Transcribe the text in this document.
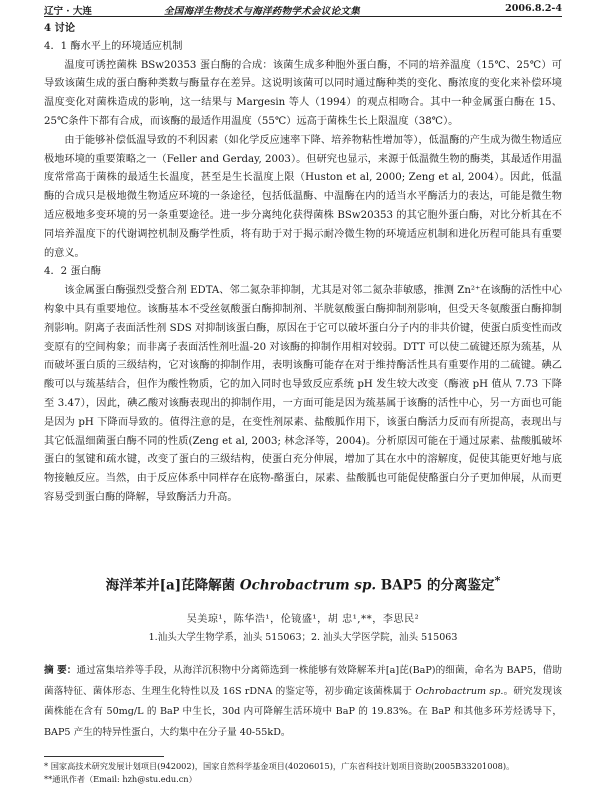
辽宁 · 大连	全国海洋生物技术与海洋药物学术会议论文集	2006.8.2-4

4 讨论

4．1 酶水平上的环境适应机制

温度可诱控菌株 BSw20353 蛋白酶的合成：该菌生成多种胞外蛋白酶，不同的培养温度（15℃、25℃）可导致该菌生成的蛋白酶种类数与酶量存在差异。这说明该菌可以同时通过酶种类的变化、酶浓度的变化来补偿环境温度变化对菌株造成的影响，这一结果与 Margesin 等人（1994）的观点相吻合。其中一种金属蛋白酶在 15、25℃条件下都有合成，而该酶的最适作用温度（55℃）远高于菌株生长上限温度（38℃）。

由于能够补偿低温导致的不利因素（如化学反应速率下降、培养物粘性增加等），低温酶的产生成为微生物适应极地环境的重要策略之一（Feller and Gerday, 2003）。但研究也显示，来源于低温微生物的酶类，其最适作用温度常常高于菌株的最适生长温度，甚至是生长温度上限（Huston et al, 2000; Zeng et al, 2004）。因此，低温酶的合成只是极地微生物适应环境的一条途径，包括低温酶、中温酶在内的适当水平酶活力的表达，可能是微生物适应极地多变环境的另一条重要途径。进一步分离纯化获得菌株 BSw20353 的其它胞外蛋白酶，对比分析其在不同培养温度下的代谢调控机制及酶学性质，将有助于对于揭示耐冷微生物的环境适应机制和进化历程可能具有重要的意义。

4．2 蛋白酶

该金属蛋白酶强烈受螯合剂 EDTA、邻二氮杂菲抑制，尤其是对邻二氮杂菲敏感，推测 Zn²⁺在该酶的活性中心构象中具有重要地位。该酶基本不受丝氨酸蛋白酶抑制剂、半胱氨酸蛋白酶抑制剂影响，但受天冬氨酸蛋白酶抑制剂影响。阴离子表面活性剂 SDS 对抑制该蛋白酶，原因在于它可以破坏蛋白分子内的非共价键，使蛋白质变性而改变原有的空间构象；而非离子表面活性剂吐温-20 对该酶的抑制作用相对较弱。DTT 可以使二硫键还原为巯基，从而破坏蛋白质的三级结构，它对该酶的抑制作用，表明该酶可能存在对于维持酶活性具有重要作用的二硫键。碘乙酸可以与巯基结合，但作为酸性物质，它的加入同时也导致反应系统 pH 发生较大改变（酶液 pH 值从 7.73 下降至 3.47），因此，碘乙酸对该酶表现出的抑制作用，一方面可能是因为巯基属于该酶的活性中心，另一方面也可能是因为 pH 下降而导致的。值得注意的是，在变性剂尿素、盐酸胍作用下，该蛋白酶活力反而有所提高，表现出与其它低温细菌蛋白酶不同的性质(Zeng et al, 2003; 林念泽等，2004)。分析原因可能在于通过尿素、盐酸胍破坏蛋白的氢键和疏水键，改变了蛋白的三级结构，使蛋白充分伸展，增加了其在水中的溶解度，促使其能更好地与底物接触反应。当然，由于反应体系中同样存在底物-酪蛋白，尿素、盐酸胍也可能促使酪蛋白分子更加伸展，从而更容易受到蛋白酶的降解，导致酶活力升高。

海洋苯并[a]芘降解菌 Ochrobactrum sp. BAP5 的分离鉴定*
吴美琼¹，陈华浩¹，伦镜盛¹，胡 忠¹,**，李思民²
1.汕头大学生物学系，汕头 515063；2. 汕头大学医学院，汕头 515063
摘 要：通过富集培养等手段，从海洋沉积物中分离筛选到一株能够有效降解苯并[a]芘(BaP)的细菌，命名为 BAP5，借助菌落特征、菌体形态、生理生化特性以及 16S rDNA 的鉴定等，初步确定该菌株属于 Ochrobactrum sp.。研究发现该菌株能在含有 50mg/L 的 BaP 中生长，30d 内可降解生活环境中 BaP 的 19.83%。在 BaP 和其他多环芳烃诱导下，BAP5 产生的特异性蛋白，大约集中在分子量 40-55kD。
* 国家高技术研究发展计划项目(942002)，国家自然科学基金项目(40206015)，广东省科技计划项目资助(2005B33201008)。
**通讯作者（Email: hzh@stu.edu.cn）
